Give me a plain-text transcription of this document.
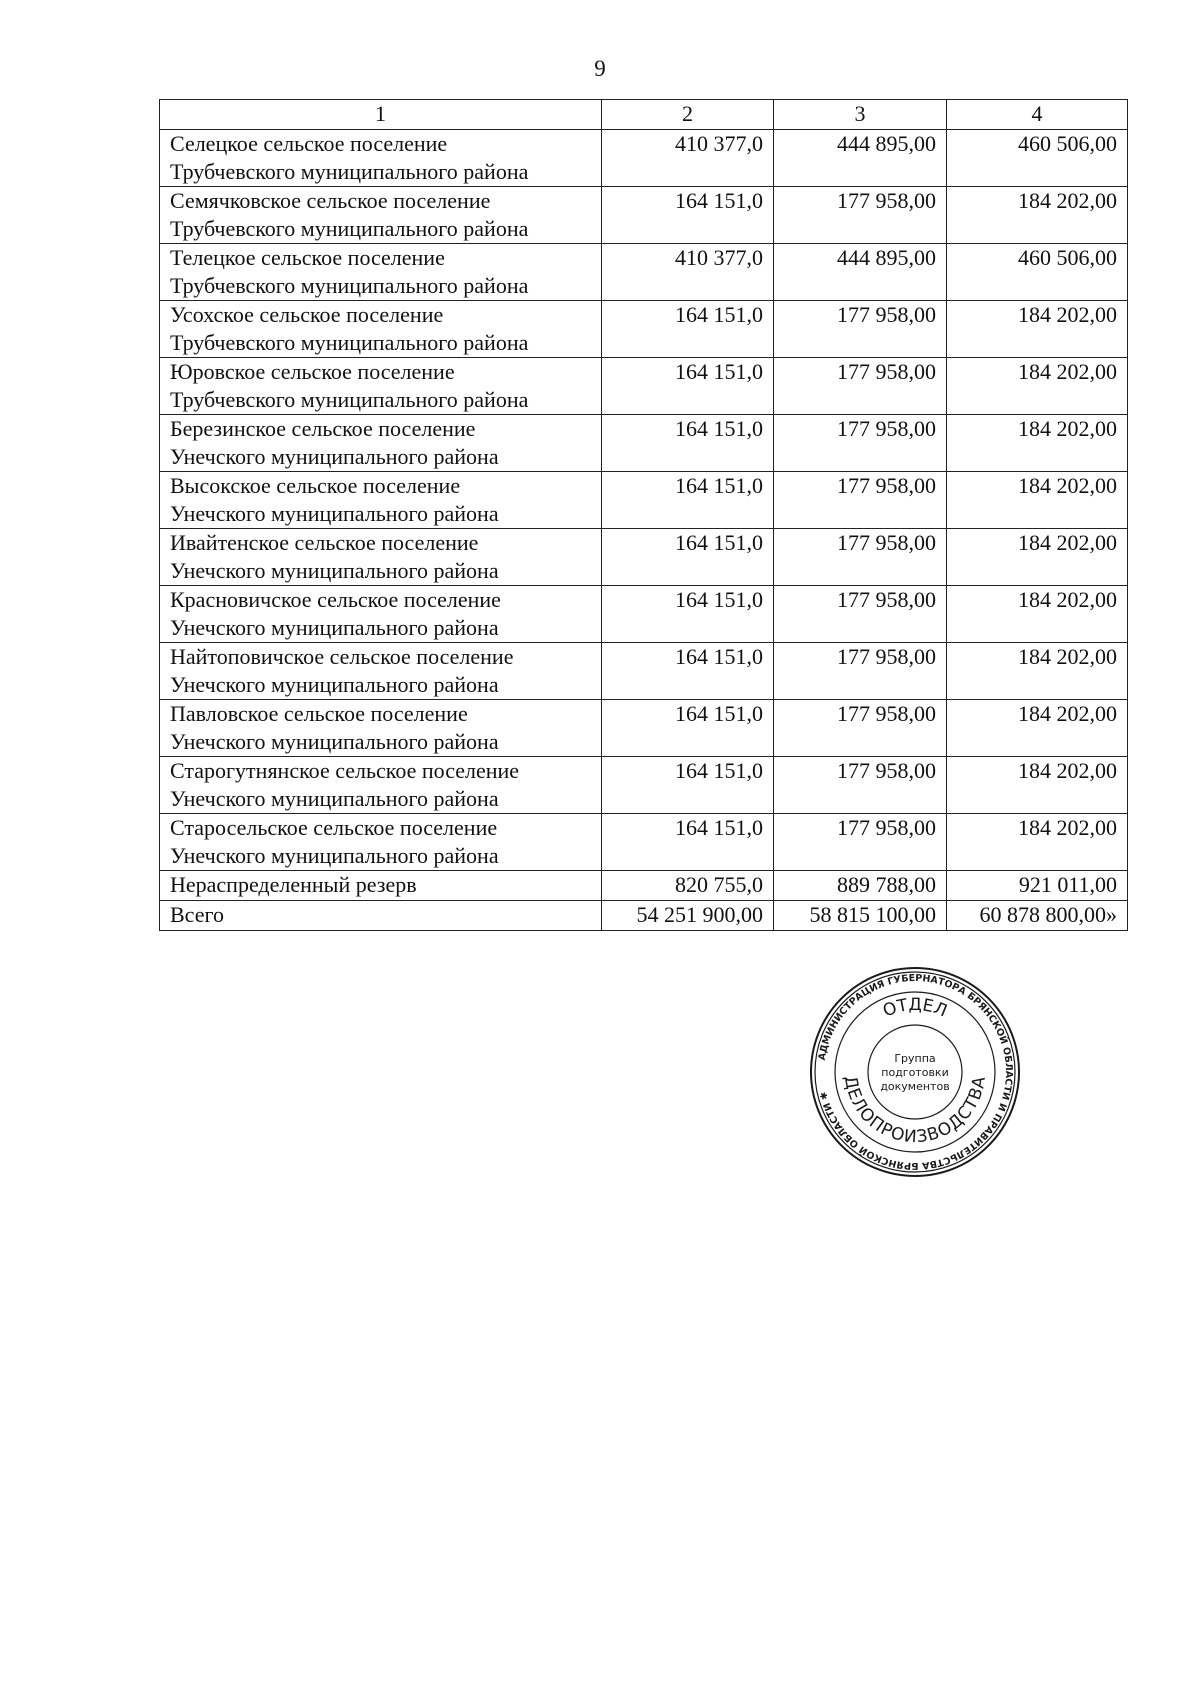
9
1	2	3	4

Селецкое сельское поселение
Трубчевского муниципального района	410 377,0	444 895,00	460 506,00

Семячковское сельское поселение
Трубчевского муниципального района	164 151,0	177 958,00	184 202,00

Телецкое сельское поселение
Трубчевского муниципального района	410 377,0	444 895,00	460 506,00

Усохское сельское поселение
Трубчевского муниципального района	164 151,0	177 958,00	184 202,00

Юровское сельское поселение
Трубчевского муниципального района	164 151,0	177 958,00	184 202,00

Березинское сельское поселение
Унечского муниципального района	164 151,0	177 958,00	184 202,00

Высокское сельское поселение
Унечского муниципального района	164 151,0	177 958,00	184 202,00

Ивайтенское сельское поселение
Унечского муниципального района	164 151,0	177 958,00	184 202,00

Красновичское сельское поселение
Унечского муниципального района	164 151,0	177 958,00	184 202,00

Найтоповичское сельское поселение
Унечского муниципального района	164 151,0	177 958,00	184 202,00

Павловское сельское поселение
Унечского муниципального района	164 151,0	177 958,00	184 202,00

Старогутнянское сельское поселение
Унечского муниципального района	164 151,0	177 958,00	184 202,00

Старосельское сельское поселение
Унечского муниципального района	164 151,0	177 958,00	184 202,00
Нераспределенный резерв	820 755,0	889 788,00	921 011,00
Всего	54 251 900,00	58 815 100,00	60 878 800,00»
АДМИНИСТРАЦИЯ ГУБЕРНАТОРА БРЯНСКОЙ ОБЛАСТИ И ПРАВИТЕЛЬСТВА БРЯНСКОЙ ОБЛАСТИ ✱
ОТДЕЛ
ДЕЛОПРОИЗВОДСТВА
Группа
подготовки
документов
